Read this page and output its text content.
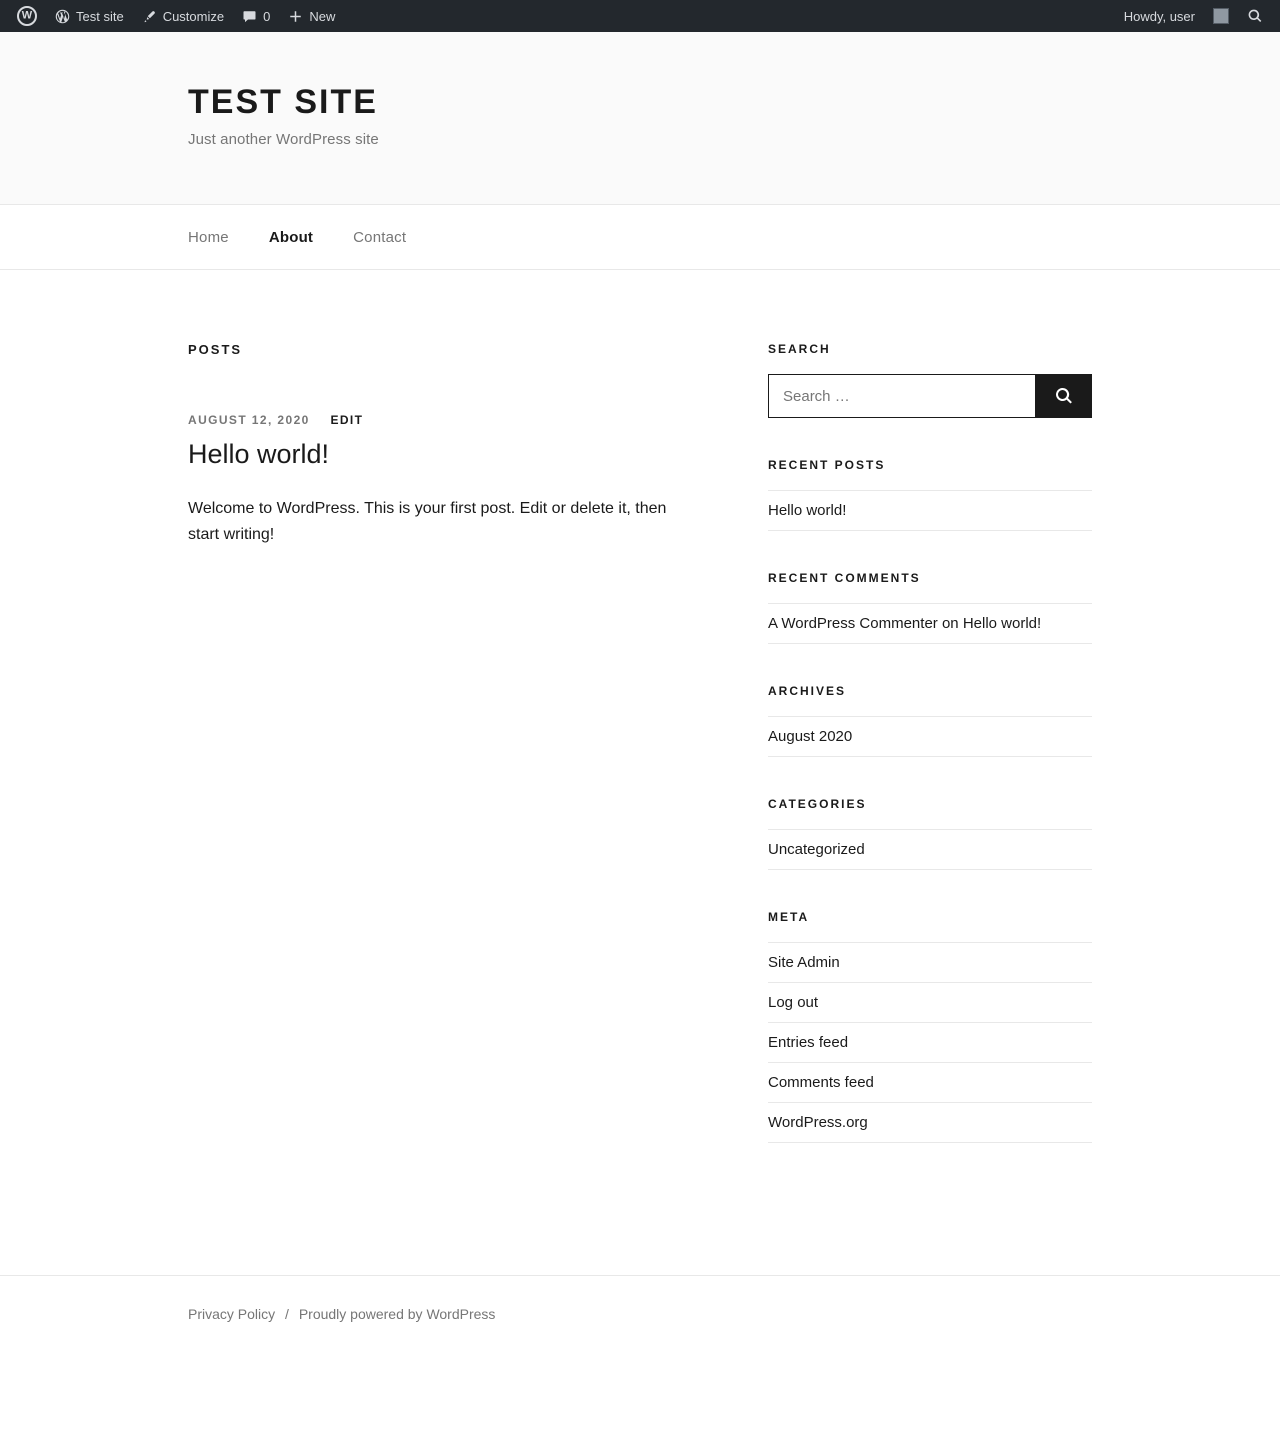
W
Test site	Customize	0	New	Howdy, user
TEST SITE

Just another WordPress site

Home	About	Contact
POSTS
AUGUST 12, 2020 EDIT
Hello world!
Welcome to WordPress. This is your first post. Edit or delete it, then start writing!
SEARCH
Search …
RECENT POSTS
Hello world!
RECENT COMMENTS
A WordPress Commenter on Hello world!
ARCHIVES
August 2020
CATEGORIES
Uncategorized
META
Site Admin
Log out
Entries feed
Comments feed
WordPress.org
Privacy Policy / Proudly powered by WordPress
